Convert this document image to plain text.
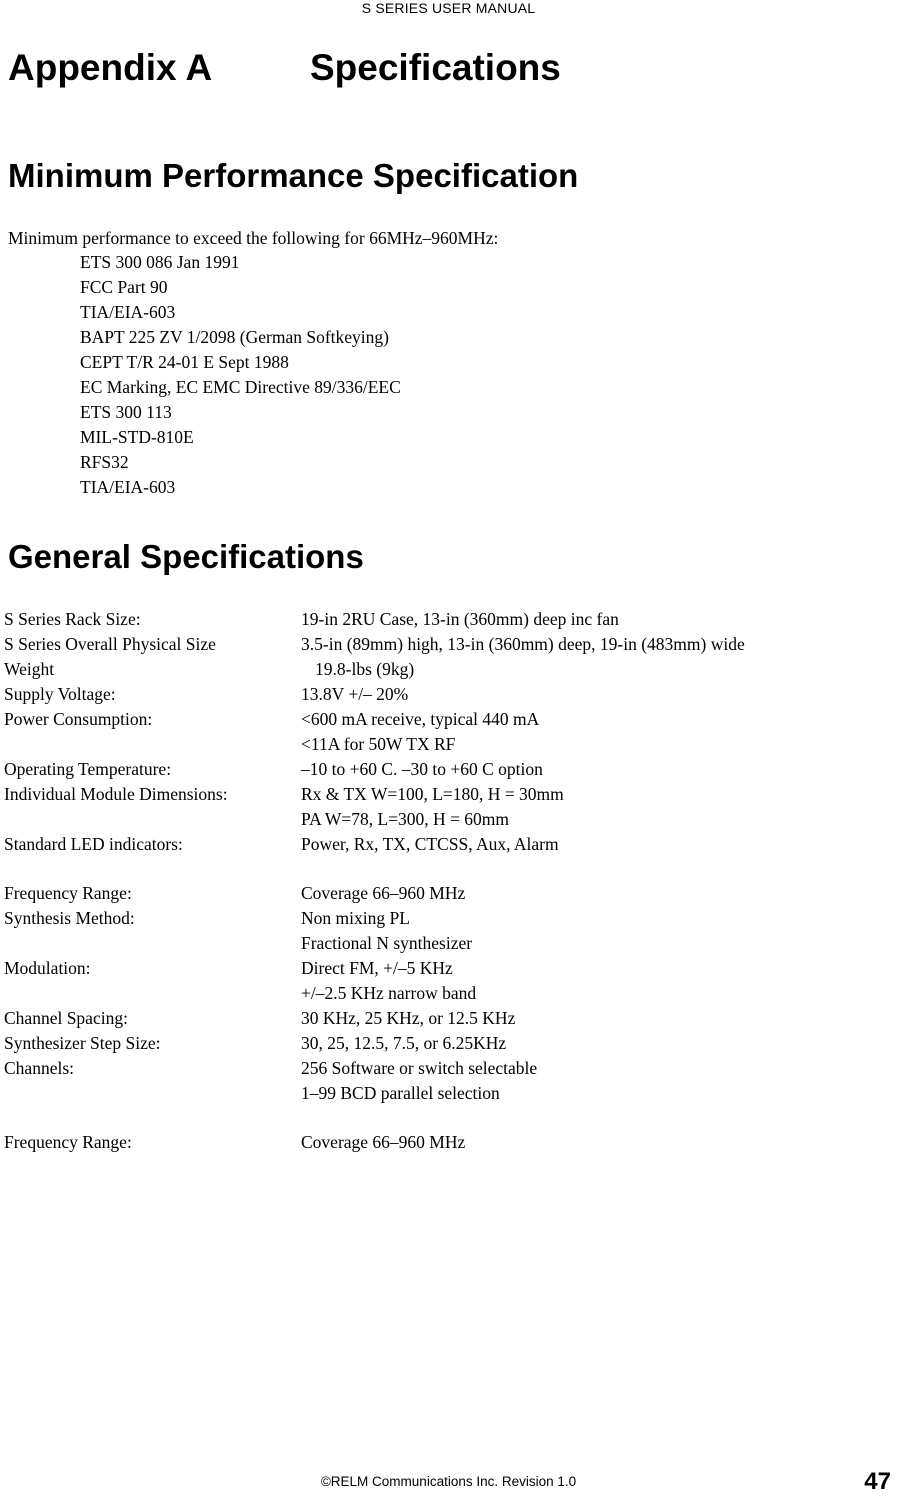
S SERIES USER MANUAL
Appendix A	Specifications
Minimum Performance Specification
Minimum performance to exceed the following for 66MHz–960MHz:
ETS 300 086 Jan 1991
FCC Part 90
TIA/EIA-603
BAPT 225 ZV 1/2098 (German Softkeying)
CEPT T/R 24-01 E Sept 1988
EC Marking, EC EMC Directive 89/336/EEC
ETS 300 113
MIL-STD-810E
RFS32
TIA/EIA-603
General Specifications
S Series Rack Size:	19-in 2RU Case, 13-in (360mm) deep inc fan
S Series Overall Physical Size	3.5-in (89mm) high, 13-in (360mm) deep, 19-in (483mm) wide
Weight	19.8-lbs (9kg)
Supply Voltage:	13.8V +/– 20%
Power Consumption:	<600 mA receive, typical 440 mA
<11A for 50W TX RF
Operating Temperature:	–10 to +60 C. –30 to +60 C option
Individual Module Dimensions:	Rx & TX W=100, L=180, H = 30mm
PA W=78, L=300, H = 60mm
Standard LED indicators:	Power, Rx, TX, CTCSS, Aux, Alarm
Frequency Range:	Coverage 66–960 MHz
Synthesis Method:	Non mixing PL
Fractional N synthesizer
Modulation:	Direct FM, +/–5 KHz
+/–2.5 KHz narrow band
Channel Spacing:	30 KHz, 25 KHz, or 12.5 KHz
Synthesizer Step Size:	30, 25, 12.5, 7.5, or 6.25KHz
Channels:	256 Software or switch selectable
1–99 BCD parallel selection
Frequency Range:	Coverage 66–960 MHz
©RELM Communications Inc. Revision 1.0	47
